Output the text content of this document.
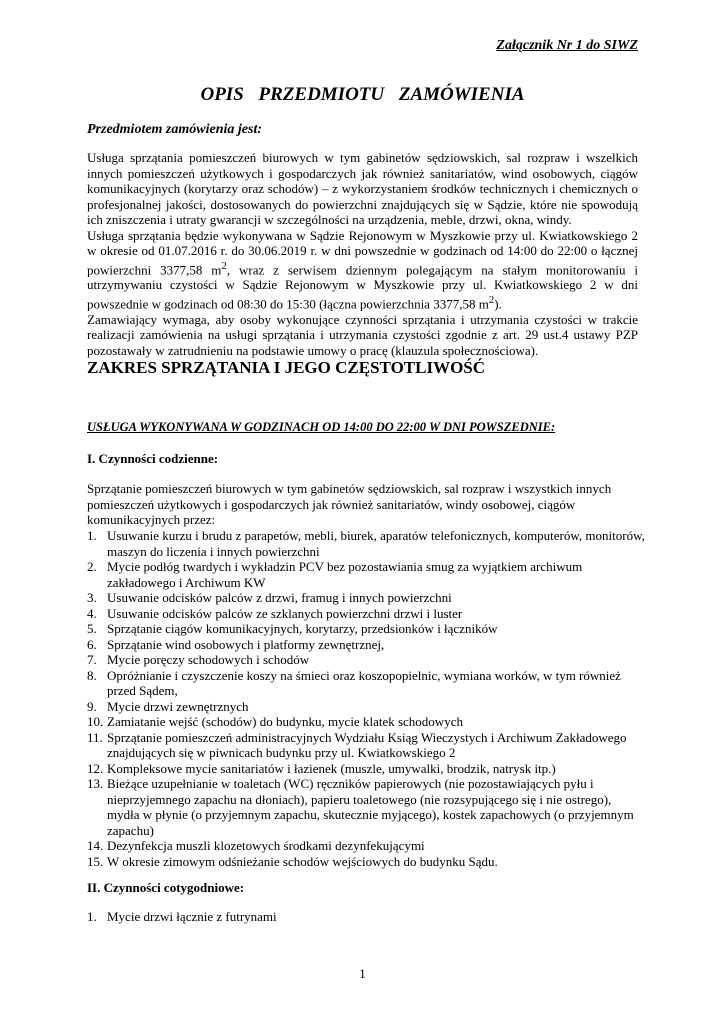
Załącznik Nr 1 do SIWZ
OPIS PRZEDMIOTU ZAMÓWIENIA
Przedmiotem zamówienia jest:

Usługa sprzątania pomieszczeń biurowych w tym gabinetów sędziowskich, sal rozpraw i wszelkich innych pomieszczeń użytkowych i gospodarczych jak również sanitariatów, wind osobowych, ciągów komunikacyjnych (korytarzy oraz schodów) – z wykorzystaniem środków technicznych i chemicznych o profesjonalnej jakości, dostosowanych do powierzchni znajdujących się w Sądzie, które nie spowodują ich zniszczenia i utraty gwarancji w szczególności na urządzenia, meble, drzwi, okna, windy.

Usługa sprzątania będzie wykonywana w Sądzie Rejonowym w Myszkowie przy ul. Kwiatkowskiego 2 w okresie od 01.07.2016 r. do 30.06.2019 r. w dni powszednie w godzinach od 14:00 do 22:00 o łącznej powierzchni 3377,58 $m^2$, wraz z serwisem dziennym polegającym na stałym monitorowaniu i utrzymywaniu czystości w Sądzie Rejonowym w Myszkowie przy ul. Kwiatkowskiego 2 w dni powszednie w godzinach od 08:30 do 15:30 (łączna powierzchnia 3377,58 $m^2$).

Zamawiający wymaga, aby osoby wykonujące czynności sprzątania i utrzymania czystości w trakcie realizacji zamówienia na usługi sprzątania i utrzymania czystości zgodnie z art. 29 ust.4 ustawy PZP pozostawały w zatrudnieniu na podstawie umowy o pracę (klauzula społecznościowa).

ZAKRES SPRZĄTANIA I JEGO CZĘSTOTLIWOŚĆ
USŁUGA WYKONYWANA W GODZINACH OD 14:00 DO 22:00 W DNI POWSZEDNIE:
I. Czynności codzienne:
Sprzątanie pomieszczeń biurowych w tym gabinetów sędziowskich, sal rozpraw i wszystkich innych pomieszczeń użytkowych i gospodarczych jak również sanitariatów, windy osobowej, ciągów komunikacyjnych przez:
1. Usuwanie kurzu i brudu z parapetów, mebli, biurek, aparatów telefonicznych, komputerów, monitorów, maszyn do liczenia i innych powierzchni
2. Mycie podłóg twardych i wykładzin PCV bez pozostawiania smug za wyjątkiem archiwum zakładowego i Archiwum KW
3. Usuwanie odcisków palców z drzwi, framug i innych powierzchni
4. Usuwanie odcisków palców ze szklanych powierzchni drzwi i luster
5. Sprzątanie ciągów komunikacyjnych, korytarzy, przedsionków i łączników
6. Sprzątanie wind osobowych i platformy zewnętrznej,
7. Mycie poręczy schodowych i schodów
8. Opróżnianie i czyszczenie koszy na śmieci oraz koszopopielnic, wymiana worków, w tym również przed Sądem,
9. Mycie drzwi zewnętrznych
10. Zamiatanie wejść (schodów) do budynku, mycie klatek schodowych
11. Sprzątanie pomieszczeń administracyjnych Wydziału Ksiąg Wieczystych i Archiwum Zakładowego znajdujących się w piwnicach budynku przy ul. Kwiatkowskiego 2
12. Kompleksowe mycie sanitariatów i łazienek (muszle, umywalki, brodzik, natrysk itp.)
13. Bieżące uzupełnianie w toaletach (WC) ręczników papierowych (nie pozostawiających pyłu i nieprzyjemnego zapachu na dłoniach), papieru toaletowego (nie rozsypującego się i nie ostrego), mydła w płynie (o przyjemnym zapachu, skutecznie myjącego), kostek zapachowych (o przyjemnym zapachu)
14. Dezynfekcja muszli klozetowych środkami dezynfekującymi
15. W okresie zimowym odśnieżanie schodów wejściowych do budynku Sądu.
II. Czynności cotygodniowe:
1. Mycie drzwi łącznie z futrynami
1
